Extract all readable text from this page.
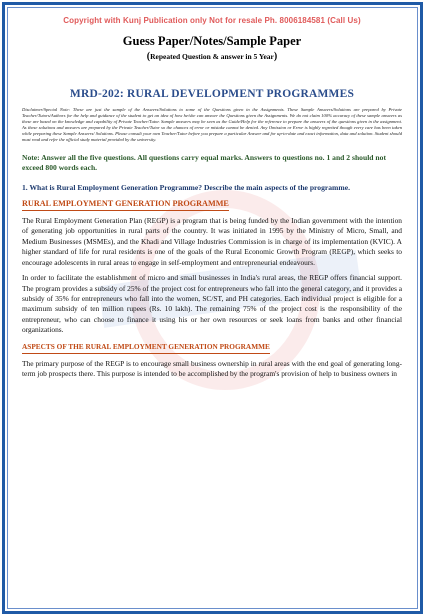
Copyright with Kunj Publication only Not for resale Ph. 8006184581 (Call Us)
Guess Paper/Notes/Sample Paper
(Repeated Question & answer in 5 Year)
MRD-202: RURAL DEVELOPMENT PROGRAMMES
Disclaimer/Special Note: These are just the sample of the Answers/Solutions to some of the Questions given in the Assignments. These Sample Answers/Solutions are prepared by Private Teacher/Tutors/Authors for the help and guidance of the student to get an idea of how he/she can answer the Questions given the Assignments. We do not claim 100% accuracy of these sample answers as these are based on the knowledge and capability of Private Teacher/Tutor. Sample answers may be seen as the Guide/Help for the reference to prepare the answers of the questions given in the assignment. As these solutions and answers are prepared by the Private Teacher/Tutor so the chances of error or mistake cannot be denied. Any Omission or Error is highly regretted though every care has been taken while preparing these Sample Answers/ Solutions. Please consult your own Teacher/Tutor before you prepare a particular Answer and for up-to-date and exact information, data and solution. Student should must read and refer the official study material provided by the university.
Note: Answer all the five questions. All questions carry equal marks. Answers to questions no. 1 and 2 should not exceed 800 words each.
1. What is Rural Employment Generation Programme? Describe the main aspects of the programme.
RURAL EMPLOYMENT GENERATION PROGRAMME
The Rural Employment Generation Plan (REGP) is a program that is being funded by the Indian government with the intention of generating job opportunities in rural parts of the country. It was initiated in 1995 by the Ministry of Micro, Small, and Medium Businesses (MSMEs), and the Khadi and Village Industries Commission is in charge of its implementation (KVIC). A higher standard of life for rural residents is one of the goals of the Rural Economic Growth Program (REGP), which seeks to encourage adolescents in rural areas to engage in self-employment and entrepreneurial endeavours.
In order to facilitate the establishment of micro and small businesses in India's rural areas, the REGP offers financial support. The program provides a subsidy of 25% of the project cost for entrepreneurs who fall into the general category, and it provides a subsidy of 35% for entrepreneurs who fall into the women, SC/ST, and PH categories. Each individual project is eligible for a maximum subsidy of ten million rupees (Rs. 10 lakh). The remaining 75% of the project cost is the responsibility of the entrepreneur, who can choose to finance it using his or her own resources or seek loans from banks and other financial organizations.
ASPECTS OF THE RURAL EMPLOYMENT GENERATION PROGRAMME
The primary purpose of the REGP is to encourage small business ownership in rural areas with the end goal of generating long-term job prospects there. This purpose is intended to be accomplished by the program's provision of help to business owners in
